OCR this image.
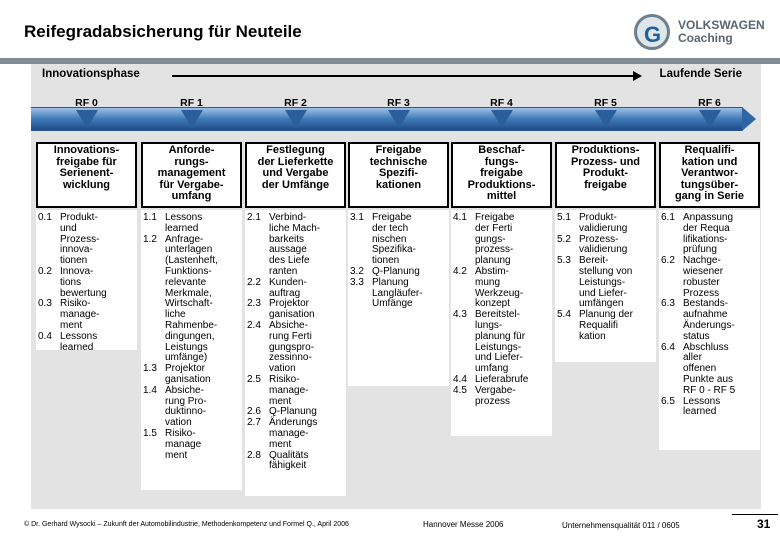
Reifegradabsicherung für Neuteile	G VOLKSWAGEN
Coaching
Innovationsphase	Laufende Serie
RF 0	RF 1	RF 2	RF 3	RF 4	RF 5	RF 6
Innovations-
freigabe für
Serienent-
wicklung
0.1 Produkt-
und
Prozess-
innova-
tionen
0.2 Innova-
tions
bewertung
0.3 Risiko-
manage-
ment
0.4 Lessons
learned
Anforde-
rungs-
management
für Vergabe-
umfang
1.1 Lessons
learned
1.2 Anfrage-
unterlagen
(Lastenheft,
Funktions-
relevante
Merkmale,
Wirtschaft-
liche
Rahmenbe-
dingungen,
Leistungs
umfänge)
1.3 Projektor
ganisation
1.4 Absiche-
rung Pro-
duktinno-
vation
1.5 Risiko-
manage
ment
Festlegung
der Lieferkette
und Vergabe
der Umfänge
2.1 Verbind-
liche Mach-
barkeits
aussage
des Liefe
ranten
2.2 Kunden-
auftrag
2.3 Projektor
ganisation
2.4 Absiche-
rung Ferti
gungspro-
zessinno-
vation
2.5 Risiko-
manage-
ment
2.6 Q-Planung
2.7 Änderungs
manage-
ment
2.8 Qualitäts
fähigkeit
Freigabe
technische
Spezifi-
kationen
3.1 Freigabe
der tech
nischen
Spezifika-
tionen
3.2 Q-Planung
3.3 Planung
Langläufer-
Umfänge
Beschaf-
fungs-
freigabe
Produktions-
mittel
4.1 Freigabe
der Ferti
gungs-
prozess-
planung
4.2 Abstim-
mung
Werkzeug-
konzept
4.3 Bereitstel-
lungs-
planung für
Leistungs-
und Liefer-
umfang
4.4 Lieferabrufe
4.5 Vergabe-
prozess
Produktions-
Prozess- und
Produkt-
freigabe
5.1 Produkt-
validierung
5.2 Prozess-
validierung
5.3 Bereit-
stellung von
Leistungs-
und Liefer-
umfängen
5.4 Planung der
Requalifi
kation
Requalifi-
kation und
Verantwor-
tungsüber-
gang in Serie
6.1 Anpassung
der Requa
lifikations-
prüfung
6.2 Nachge-
wiesener
robuster
Prozess
6.3 Bestands-
aufnahme
Änderungs-
status
6.4 Abschluss
aller
offenen
Punkte aus
RF 0 - RF 5
6.5 Lessons
learned
© Dr. Gerhard Wysocki – Zukunft der Automobilindustrie, Methodenkompetenz und Formel Q., April 2006	Hannover Messe 2006	Unternehmensqualität 011 / 0605	31
